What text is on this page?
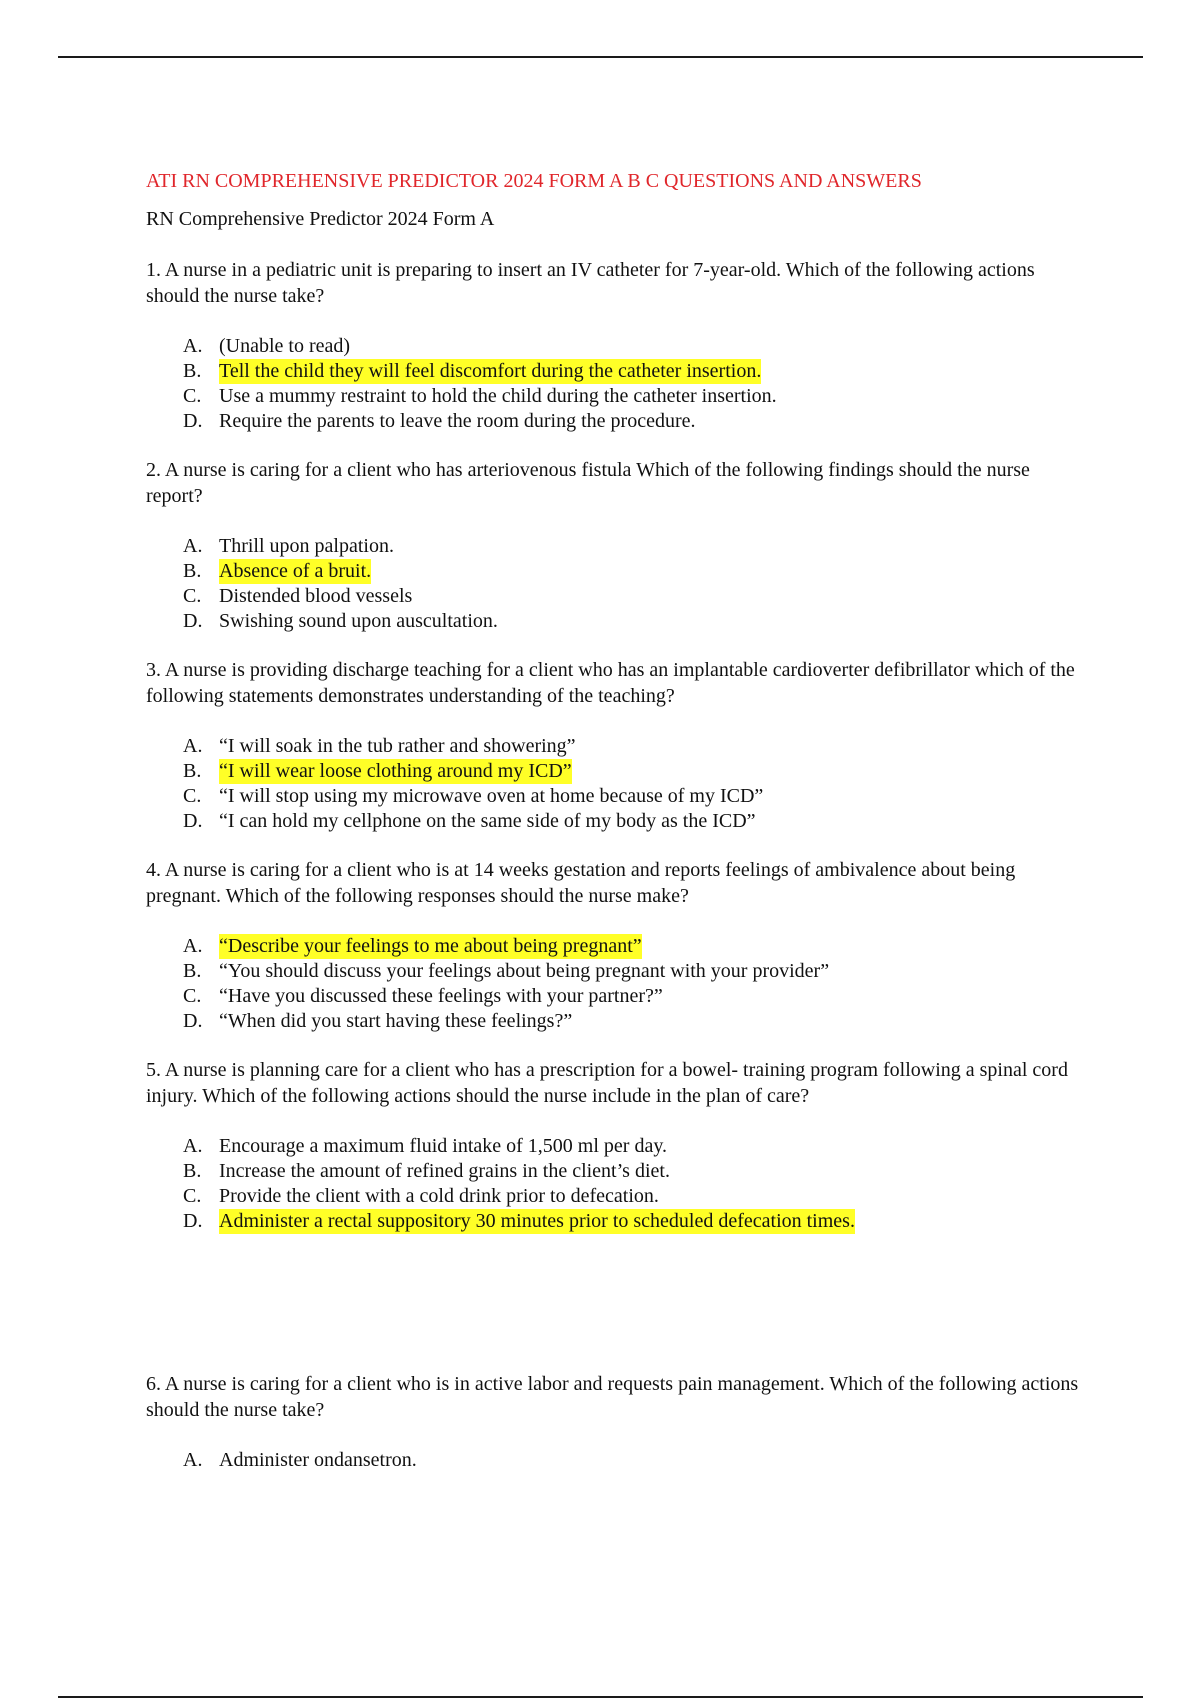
ATI RN COMPREHENSIVE PREDICTOR 2024 FORM A B C QUESTIONS AND ANSWERS

RN Comprehensive Predictor 2024 Form A

1. A nurse in a pediatric unit is preparing to insert an IV catheter for 7-year-old. Which of the following actions should the nurse take?

A. (Unable to read)
B. Tell the child they will feel discomfort during the catheter insertion.
C. Use a mummy restraint to hold the child during the catheter insertion.
D. Require the parents to leave the room during the procedure.

2. A nurse is caring for a client who has arteriovenous fistula Which of the following findings should the nurse report?

A. Thrill upon palpation.
B. Absence of a bruit.
C. Distended blood vessels
D. Swishing sound upon auscultation.

3. A nurse is providing discharge teaching for a client who has an implantable cardioverter defibrillator which of the following statements demonstrates understanding of the teaching?

A. “I will soak in the tub rather and showering”
B. “I will wear loose clothing around my ICD”
C. “I will stop using my microwave oven at home because of my ICD”
D. “I can hold my cellphone on the same side of my body as the ICD”

4. A nurse is caring for a client who is at 14 weeks gestation and reports feelings of ambivalence about being pregnant. Which of the following responses should the nurse make?

A. “Describe your feelings to me about being pregnant”
B. “You should discuss your feelings about being pregnant with your provider”
C. “Have you discussed these feelings with your partner?”
D. “When did you start having these feelings?”

5. A nurse is planning care for a client who has a prescription for a bowel- training program following a spinal cord injury. Which of the following actions should the nurse include in the plan of care?

A. Encourage a maximum fluid intake of 1,500 ml per day.
B. Increase the amount of refined grains in the client’s diet.
C. Provide the client with a cold drink prior to defecation.
D. Administer a rectal suppository 30 minutes prior to scheduled defecation times.

6. A nurse is caring for a client who is in active labor and requests pain management. Which of the following actions should the nurse take?

A. Administer ondansetron.
